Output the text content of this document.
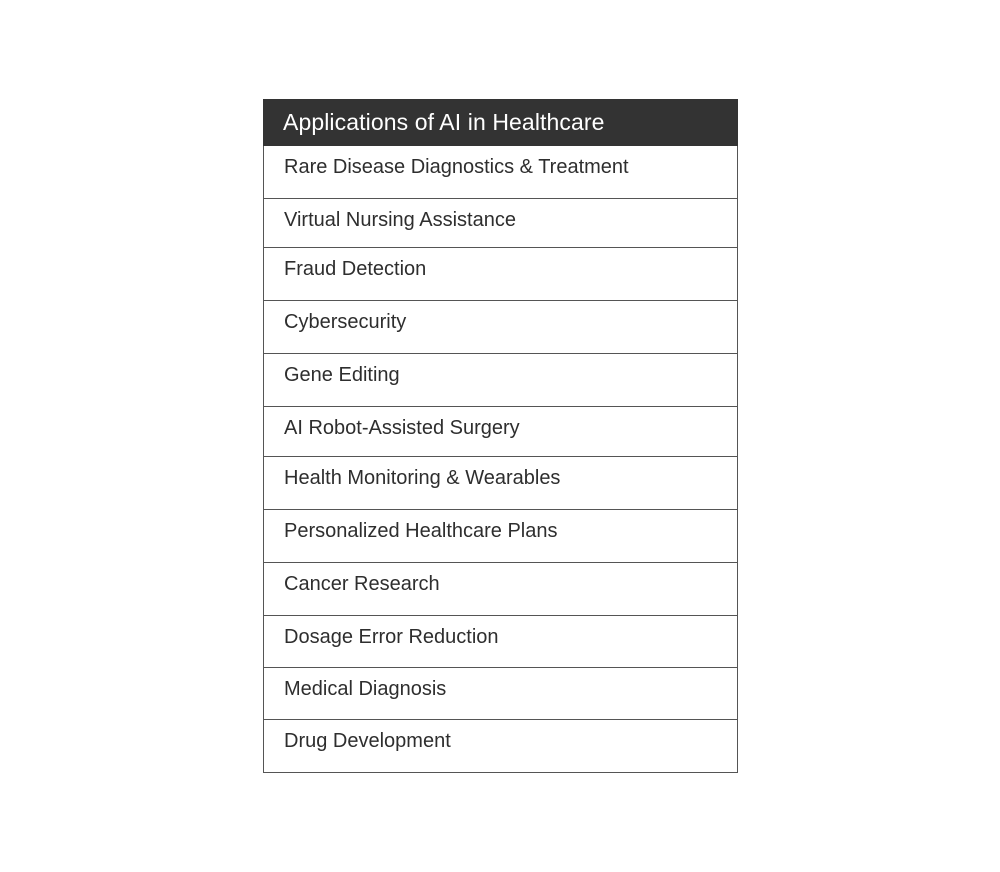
Applications of AI in Healthcare
Rare Disease Diagnostics & Treatment
Virtual Nursing Assistance
Fraud Detection
Cybersecurity
Gene Editing
AI Robot-Assisted Surgery
Health Monitoring & Wearables
Personalized Healthcare Plans
Cancer Research
Dosage Error Reduction
Medical Diagnosis
Drug Development
